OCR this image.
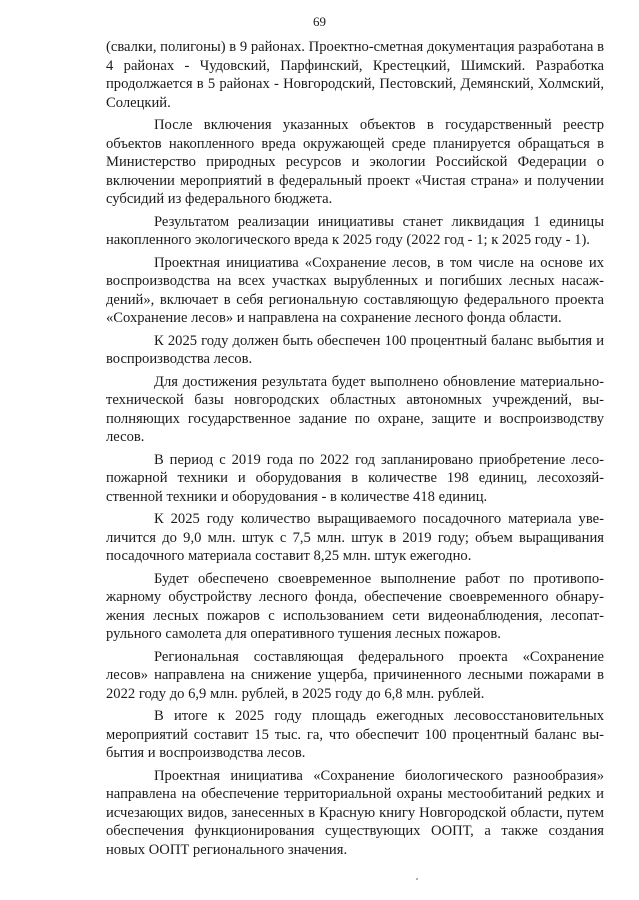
69

(свалки, полигоны) в 9 районах. Проектно-сметная документация разработана в 4 районах - Чудовский, Парфинский, Крестецкий, Шимский. Разработка продолжается в 5 районах - Новгородский, Пестовский, Демянский, Холмский, Солецкий.

После включения указанных объектов в государственный реестр объектов накопленного вреда окружающей среде планируется обращаться в Министерство природных ресурсов и экологии Российской Федерации о включении мероприятий в федеральный проект «Чистая страна» и получении субсидий из федерального бюджета.

Результатом реализации инициативы станет ликвидация 1 единицы накопленного экологического вреда к 2025 году (2022 год - 1; к 2025 году - 1).

Проектная инициатива «Сохранение лесов, в том числе на основе их воспроизводства на всех участках вырубленных и погибших лесных насаждений», включает в себя региональную составляющую федерального проекта «Сохранение лесов» и направлена на сохранение лесного фонда области.

К 2025 году должен быть обеспечен 100 процентный баланс выбытия и воспроизводства лесов.

Для достижения результата будет выполнено обновление материально-технической базы новгородских областных автономных учреждений, выполняющих государственное задание по охране, защите и воспроизводству лесов.

В период с 2019 года по 2022 год запланировано приобретение лесопожарной техники и оборудования в количестве 198 единиц, лесохозяйственной техники и оборудования - в количестве 418 единиц.

К 2025 году количество выращиваемого посадочного материала увеличится до 9,0 млн. штук с 7,5 млн. штук в 2019 году; объем выращивания посадочного материала составит 8,25 млн. штук ежегодно.

Будет обеспечено своевременное выполнение работ по противопожарному обустройству лесного фонда, обеспечение своевременного обнаружения лесных пожаров с использованием сети видеонаблюдения, лесопатрульного самолета для оперативного тушения лесных пожаров.

Региональная составляющая федерального проекта «Сохранение лесов» направлена на снижение ущерба, причиненного лесными пожарами в 2022 году до 6,9 млн. рублей, в 2025 году до 6,8 млн. рублей.

В итоге к 2025 году площадь ежегодных лесовосстановительных мероприятий составит 15 тыс. га, что обеспечит 100 процентный баланс выбытия и воспроизводства лесов.

Проектная инициатива «Сохранение биологического разнообразия» направлена на обеспечение территориальной охраны местообитаний редких и исчезающих видов, занесенных в Красную книгу Новгородской области, путем обеспечения функционирования существующих ООПТ, а также создания новых ООПТ регионального значения.
